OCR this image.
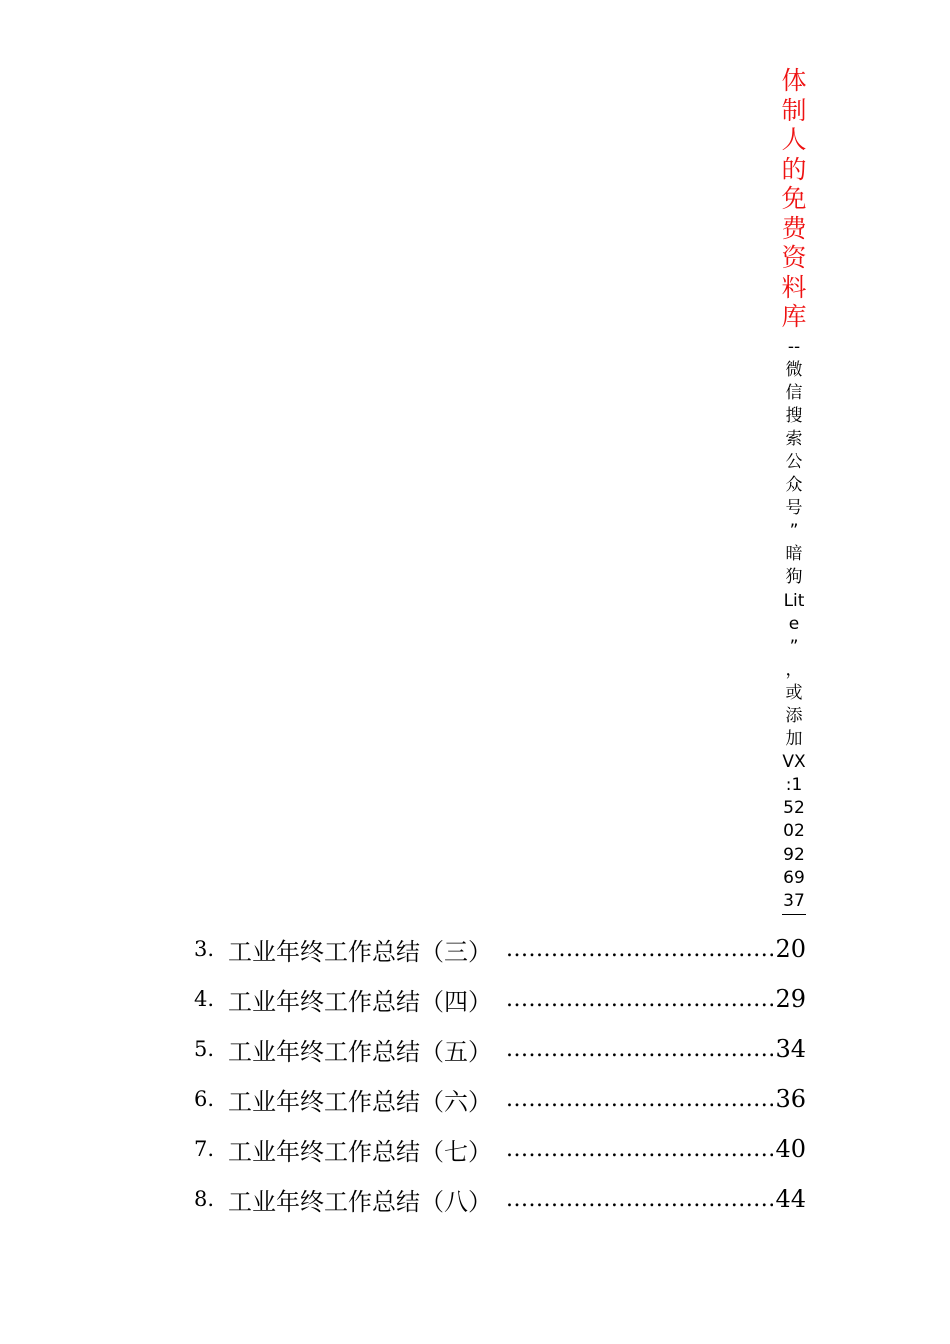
体
制
人
的
免
费
资
料
库
--
微
信
搜
索
公
众
号
”
暗
狗
Lit
e
”
，
或
添
加
VX
:1
52
02
92
69
37
3. 工业年终工作总结（三） .....	20
4. 工业年终工作总结（四） .....	29
5. 工业年终工作总结（五） .....	34
6. 工业年终工作总结（六） .....	36
7. 工业年终工作总结（七） .....	40
8. 工业年终工作总结（八） .....	44
